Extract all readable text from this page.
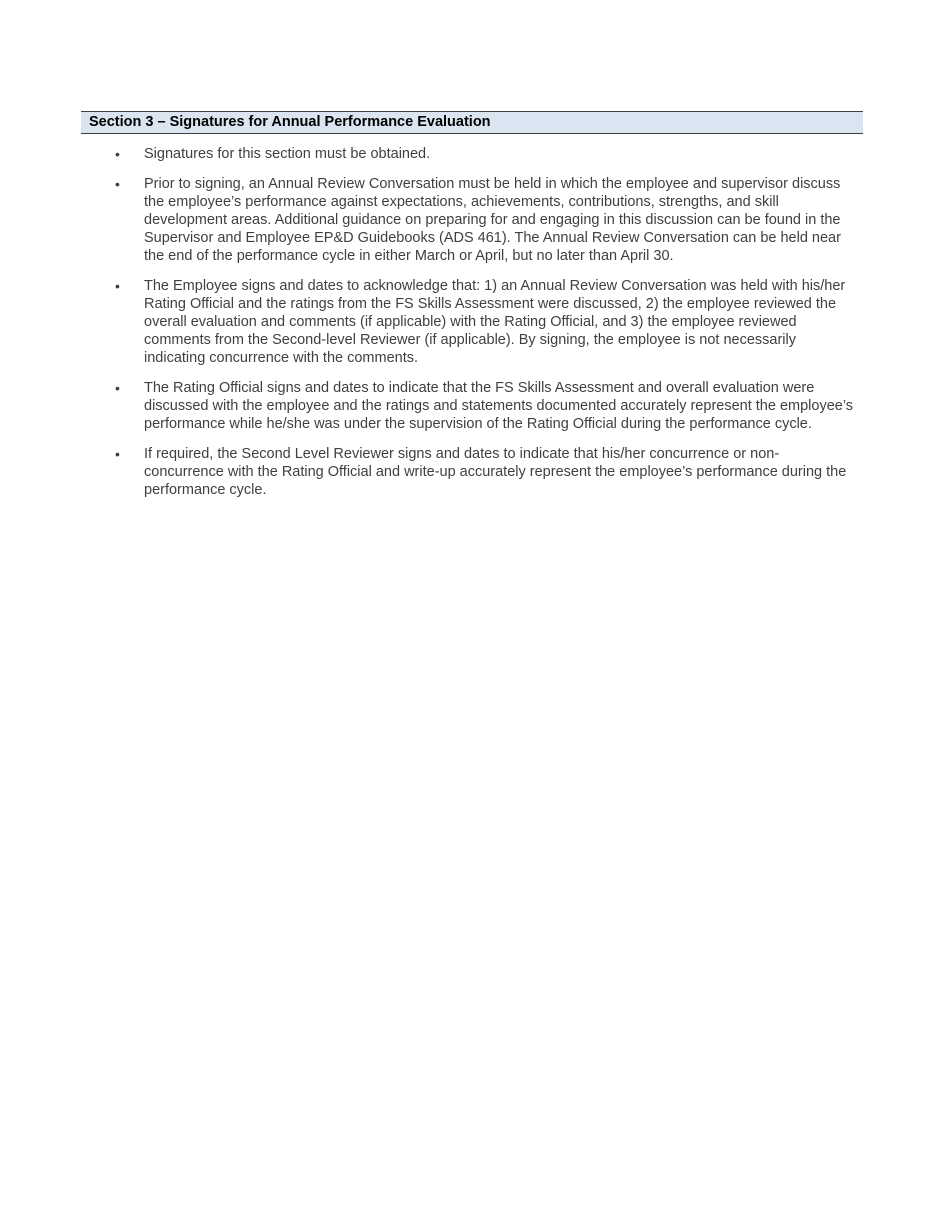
Section 3 – Signatures for Annual Performance Evaluation
•	Signatures for this section must be obtained.
•	Prior to signing, an Annual Review Conversation must be held in which the employee and supervisor discuss the employee’s performance against expectations, achievements, contributions, strengths, and skill development areas. Additional guidance on preparing for and engaging in this discussion can be found in the Supervisor and Employee EP&D Guidebooks (ADS 461). The Annual Review Conversation can be held near the end of the performance cycle in either March or April, but no later than April 30.
•	The Employee signs and dates to acknowledge that: 1) an Annual Review Conversation was held with his/her Rating Official and the ratings from the FS Skills Assessment were discussed, 2) the employee reviewed the overall evaluation and comments (if applicable) with the Rating Official, and 3) the employee reviewed comments from the Second-level Reviewer (if applicable). By signing, the employee is not necessarily indicating concurrence with the comments.
•	The Rating Official signs and dates to indicate that the FS Skills Assessment and overall evaluation were discussed with the employee and the ratings and statements documented accurately represent the employee’s performance while he/she was under the supervision of the Rating Official during the performance cycle.
•	If required, the Second Level Reviewer signs and dates to indicate that his/her concurrence or non-concurrence with the Rating Official and write-up accurately represent the employee’s performance during the performance cycle.
